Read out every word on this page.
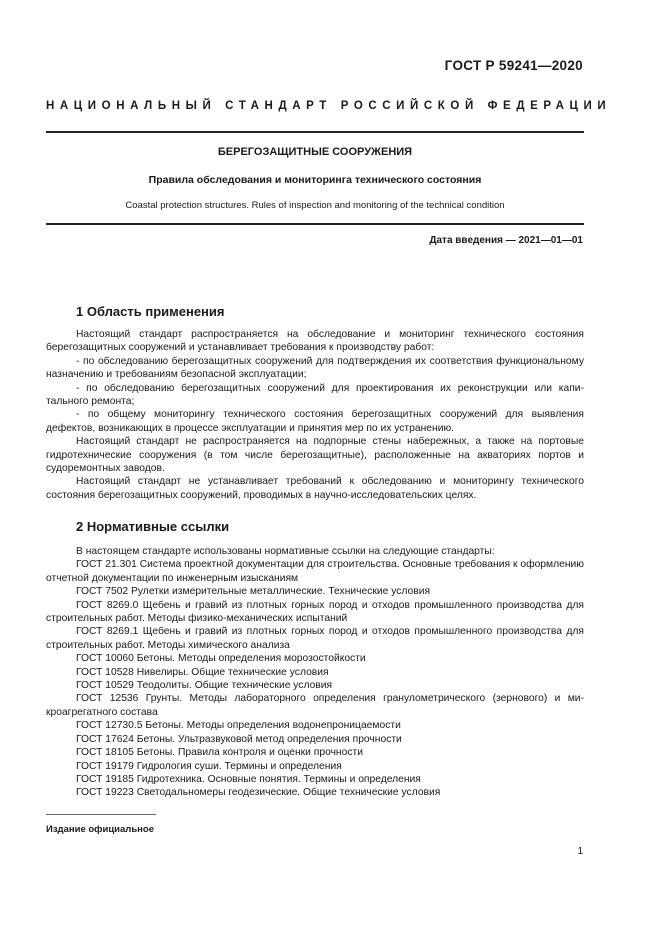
ГОСТ Р 59241—2020
НАЦИОНАЛЬНЫЙ СТАНДАРТ РОССИЙСКОЙ ФЕДЕРАЦИИ
БЕРЕГОЗАЩИТНЫЕ СООРУЖЕНИЯ
Правила обследования и мониторинга технического состояния
Coastal protection structures. Rules of inspection and monitoring of the technical condition
Дата введения — 2021—01—01
1 Область применения

Настоящий стандарт распространяется на обследование и мониторинг технического состояния берегозащитных сооружений и устанавливает требования к производству работ:

- по обследованию берегозащитных сооружений для подтверждения их соответствия функциональному назначению и требованиям безопасной эксплуатации;

- по обследованию берегозащитных сооружений для проектирования их реконструкции или капитального ремонта;

- по общему мониторингу технического состояния берегозащитных сооружений для выявления дефектов, возникающих в процессе эксплуатации и принятия мер по их устранению.

Настоящий стандарт не распространяется на подпорные стены набережных, а также на портовые гидротехнические сооружения (в том числе берегозащитные), расположенные на акваториях портов и судоремонтных заводов.

Настоящий стандарт не устанавливает требований к обследованию и мониторингу технического состояния берегозащитных сооружений, проводимых в научно-исследовательских целях.

2 Нормативные ссылки

В настоящем стандарте использованы нормативные ссылки на следующие стандарты:

ГОСТ 21.301 Система проектной документации для строительства. Основные требования к оформлению отчетной документации по инженерным изысканиям

ГОСТ 7502 Рулетки измерительные металлические. Технические условия

ГОСТ 8269.0 Щебень и гравий из плотных горных пород и отходов промышленного производства для строительных работ. Методы физико-механических испытаний

ГОСТ 8269.1 Щебень и гравий из плотных горных пород и отходов промышленного производства для строительных работ. Методы химического анализа

ГОСТ 10060 Бетоны. Методы определения морозостойкости

ГОСТ 10528 Нивелиры. Общие технические условия

ГОСТ 10529 Теодолиты. Общие технические условия

ГОСТ 12536 Грунты. Методы лабораторного определения гранулометрического (зернового) и микроагрегатного состава

ГОСТ 12730.5 Бетоны. Методы определения водонепроницаемости

ГОСТ 17624 Бетоны. Ультразвуковой метод определения прочности

ГОСТ 18105 Бетоны. Правила контроля и оценки прочности

ГОСТ 19179 Гидрология суши. Термины и определения

ГОСТ 19185 Гидротехника. Основные понятия. Термины и определения

ГОСТ 19223 Светодальномеры геодезические. Общие технические условия

Издание официальное
1
